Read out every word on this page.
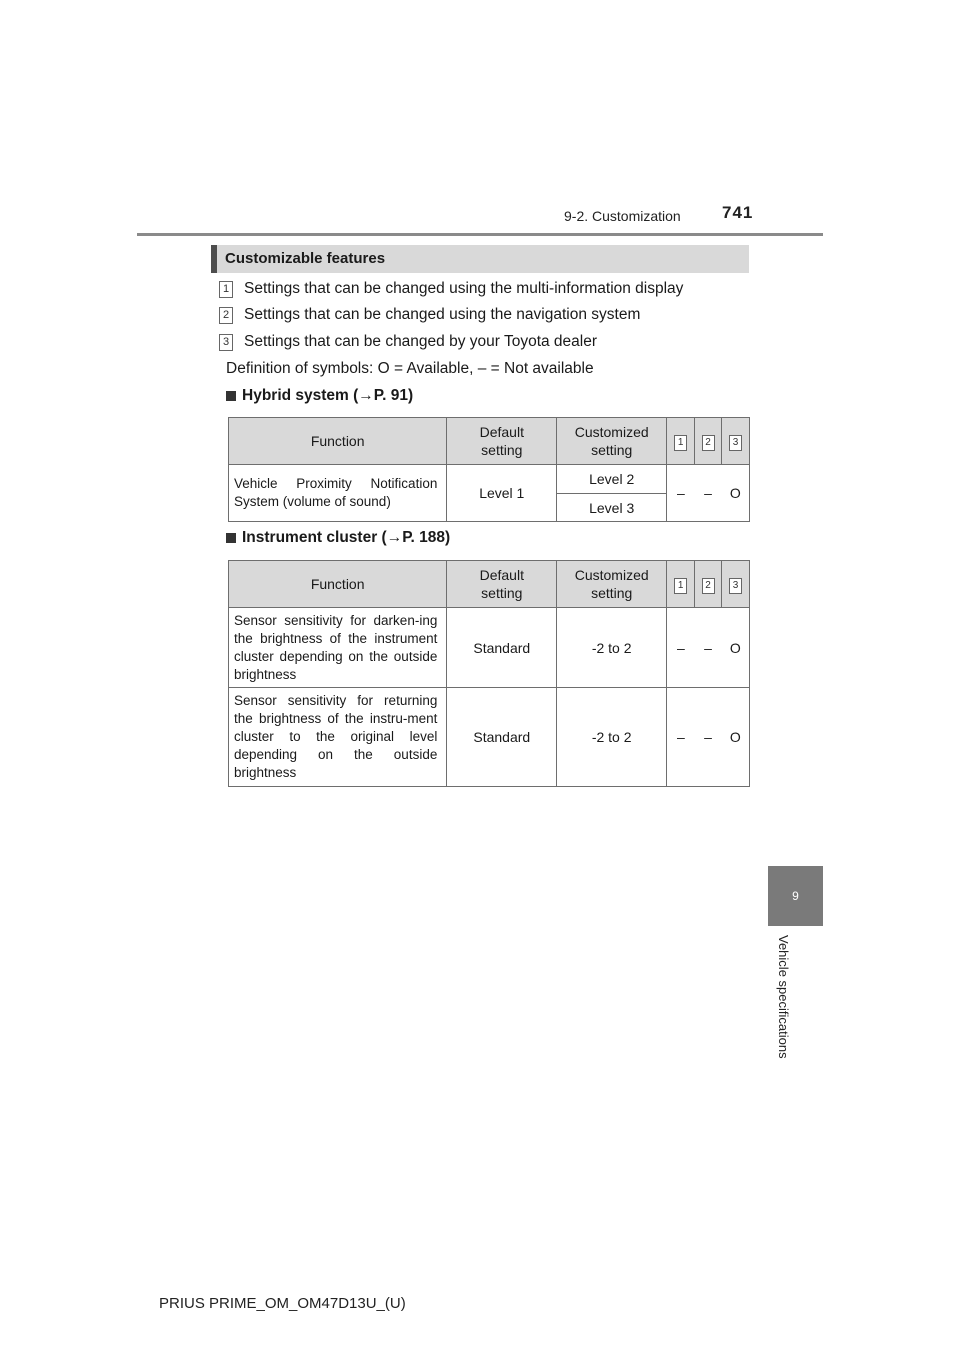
9-2. Customization 741
9
Vehicle specifications
Customizable features
1 Settings that can be changed using the multi-information display
2 Settings that can be changed using the navigation system
3 Settings that can be changed by your Toyota dealer
Definition of symbols: O = Available, – = Not available
Hybrid system (→P. 91)
Function	Default setting	Customized setting	1	2	3
Vehicle Proximity Notification System (volume of sound)	Level 1	Level 2	–	–	O
		Level 3			
Instrument cluster (→P. 188)
Function	Default setting	Customized setting	1	2	3
Sensor sensitivity for darken-ing the brightness of the instrument cluster depending on the outside brightness	Standard	-2 to 2	–	–	O
Sensor sensitivity for returning the brightness of the instru-ment cluster to the original level depending on the outside brightness	Standard	-2 to 2	–	–	O
PRIUS PRIME_OM_OM47D13U_(U)
